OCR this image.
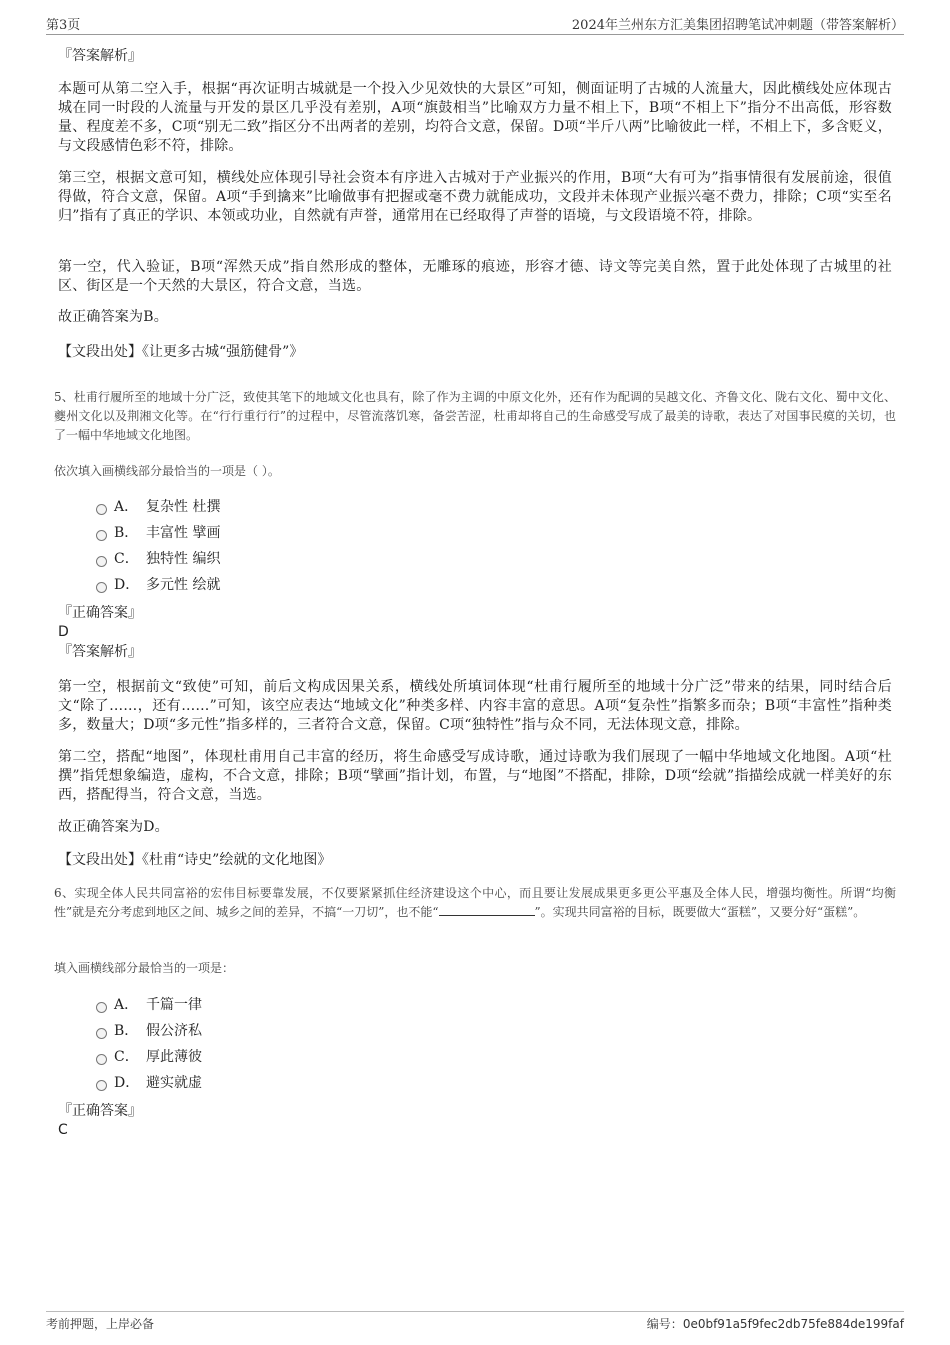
第3页	2024年兰州东方汇美集团招聘笔试冲刺题（带答案解析）

『答案解析』

本题可从第二空入手，根据“再次证明古城就是一个投入少见效快的大景区”可知，侧面证明了古城的人流量大，因此横线处应体现古城在同一时段的人流量与开发的景区几乎没有差别，A项“旗鼓相当”比喻双方力量不相上下，B项“不相上下”指分不出高低，形容数量、程度差不多，C项“别无二致”指区分不出两者的差别，均符合文意，保留。D项“半斤八两”比喻彼此一样，不相上下，多含贬义，与文段感情色彩不符，排除。

第三空，根据文意可知，横线处应体现引导社会资本有序进入古城对于产业振兴的作用，B项“大有可为”指事情很有发展前途，很值得做，符合文意，保留。A项“手到擒来”比喻做事有把握或毫不费力就能成功，文段并未体现产业振兴毫不费力，排除；C项“实至名归”指有了真正的学识、本领或功业，自然就有声誉，通常用在已经取得了声誉的语境，与文段语境不符，排除。

第一空，代入验证，B项“浑然天成”指自然形成的整体，无雕琢的痕迹，形容才德、诗文等完美自然，置于此处体现了古城里的社区、街区是一个天然的大景区，符合文意，当选。

故正确答案为B。

【文段出处】《让更多古城“强筋健骨”》

5、杜甫行履所至的地域十分广泛，致使其笔下的地域文化也具有，除了作为主调的中原文化外，还有作为配调的吴越文化、齐鲁文化、陇右文化、蜀中文化、夔州文化以及荆湘文化等。在“行行重行行”的过程中，尽管流落饥寒，备尝苦涩，杜甫却将自己的生命感受写成了最美的诗歌，表达了对国事民瘼的关切，也 了一幅中华地域文化地图。

依次填入画横线部分最恰当的一项是（ ）。

A． 复杂性 杜撰
B． 丰富性 擘画
C． 独特性 编织
D． 多元性 绘就

『正确答案』

D

『答案解析』

第一空，根据前文“致使”可知，前后文构成因果关系，横线处所填词体现“杜甫行履所至的地域十分广泛”带来的结果，同时结合后文“除了……，还有……”可知，该空应表达“地域文化”种类多样、内容丰富的意思。A项“复杂性”指繁多而杂；B项“丰富性”指种类多，数量大；D项“多元性”指多样的，三者符合文意，保留。C项“独特性”指与众不同，无法体现文意，排除。

第二空，搭配“地图”，体现杜甫用自己丰富的经历，将生命感受写成诗歌，通过诗歌为我们展现了一幅中华地域文化地图。A项“杜撰”指凭想象编造，虚构，不合文意，排除；B项“擘画”指计划，布置，与“地图”不搭配，排除，D项“绘就”指描绘成就一样美好的东西，搭配得当，符合文意，当选。

故正确答案为D。

【文段出处】《杜甫“诗史”绘就的文化地图》

6、实现全体人民共同富裕的宏伟目标要靠发展，不仅要紧紧抓住经济建设这个中心，而且要让发展成果更多更公平惠及全体人民，增强均衡性。所谓“均衡性”就是充分考虑到地区之间、城乡之间的差异，不搞“一刀切”，也不能“	”。实现共同富裕的目标，既要做大“蛋糕”，又要分好“蛋糕”。

填入画横线部分最恰当的一项是：

A． 千篇一律
B． 假公济私
C． 厚此薄彼
D． 避实就虚

『正确答案』

C

考前押题，上岸必备	编号：0e0bf91a5f9fec2db75fe884de199faf
